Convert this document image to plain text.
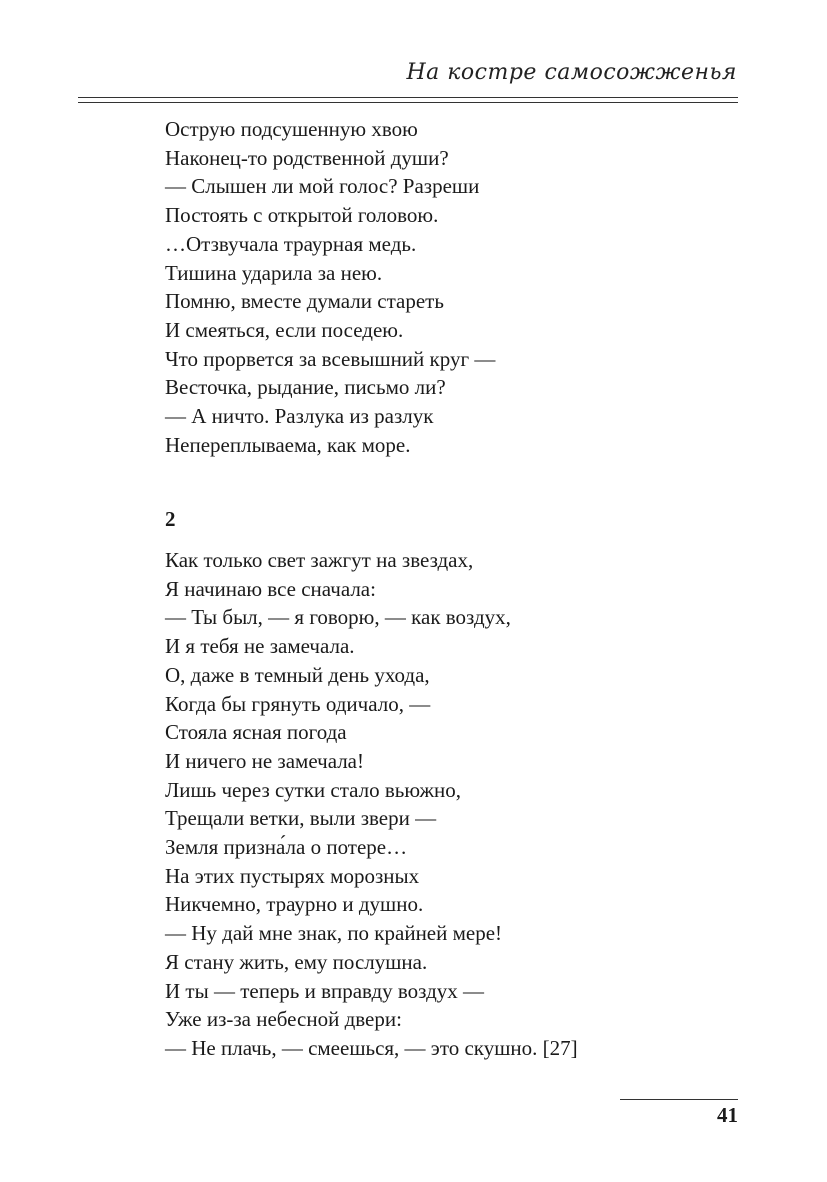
На костре самосожженья
Острую подсушенную хвою
Наконец-то родственной души?
— Слышен ли мой голос? Разреши
Постоять с открытой головою.
…Отзвучала траурная медь.
Тишина ударила за нею.
Помню, вместе думали стареть
И смеяться, если поседею.
Что прорвется за всевышний круг —
Весточка, рыдание, письмо ли?
— А ничто. Разлука из разлук
Непереплываема, как море.
2
Как только свет зажгут на звездах,
Я начинаю все сначала:
— Ты был, — я говорю, — как воздух,
И я тебя не замечала.
О, даже в темный день ухода,
Когда бы грянуть одичало, —
Стояла ясная погода
И ничего не замечала!
Лишь через сутки стало вьюжно,
Трещали ветки, выли звери —
Земля призна́ла о потере…
На этих пустырях морозных
Никчемно, траурно и душно.
— Ну дай мне знак, по крайней мере!
Я стану жить, ему послушна.
И ты — теперь и вправду воздух —
Уже из-за небесной двери:
— Не плачь, — смеешься, — это скушно. [27]
41
